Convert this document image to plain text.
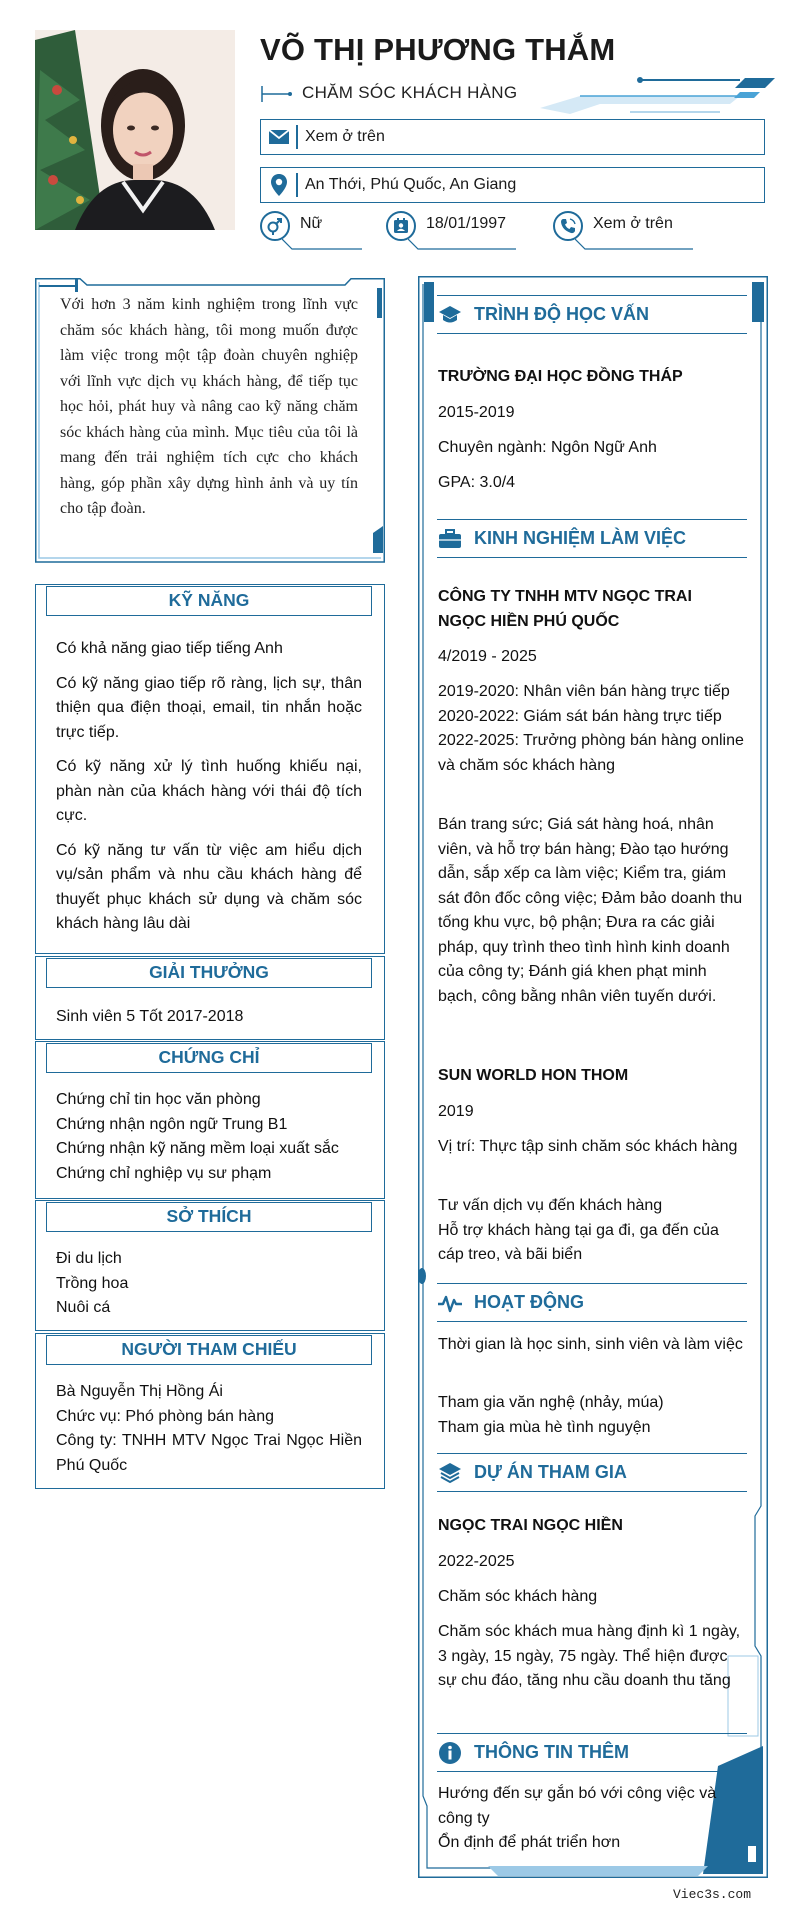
VÕ THỊ PHƯƠNG THẮM
CHĂM SÓC KHÁCH HÀNG
Xem ở trên
An Thới, Phú Quốc, An Giang
Nữ	18/01/1997	Xem ở trên
Với hơn 3 năm kinh nghiệm trong lĩnh vực chăm sóc khách hàng, tôi mong muốn được làm việc trong một tập đoàn chuyên nghiệp với lĩnh vực dịch vụ khách hàng, để tiếp tục học hỏi, phát huy và nâng cao kỹ năng chăm sóc khách hàng của mình. Mục tiêu của tôi là mang đến trải nghiệm tích cực cho khách hàng, góp phần xây dựng hình ảnh và uy tín cho tập đoàn.
KỸ NĂNG

Có khả năng giao tiếp tiếng Anh

Có kỹ năng giao tiếp rõ ràng, lịch sự, thân thiện qua điện thoại, email, tin nhắn hoặc trực tiếp.

Có kỹ năng xử lý tình huống khiếu nại, phàn nàn của khách hàng với thái độ tích cực.

Có kỹ năng tư vấn từ việc am hiểu dịch vụ/sản phẩm và nhu cầu khách hàng để thuyết phục khách sử dụng và chăm sóc khách hàng lâu dài

GIẢI THƯỞNG

Sinh viên 5 Tốt 2017-2018

CHỨNG CHỈ

Chứng chỉ tin học văn phòng

Chứng nhận ngôn ngữ Trung B1

Chứng nhận kỹ năng mềm loại xuất sắc

Chứng chỉ nghiệp vụ sư phạm

SỞ THÍCH

Đi du lịch

Trồng hoa

Nuôi cá

NGƯỜI THAM CHIẾU

Bà Nguyễn Thị Hồng Ái

Chức vụ: Phó phòng bán hàng

Công ty: TNHH MTV Ngọc Trai Ngọc Hiền Phú Quốc

TRÌNH ĐỘ HỌC VẤN
TRƯỜNG ĐẠI HỌC ĐỒNG THÁP
2015-2019
Chuyên ngành: Ngôn Ngữ Anh
GPA: 3.0/4
KINH NGHIỆM LÀM VIỆC
CÔNG TY TNHH MTV NGỌC TRAI NGỌC HIỀN PHÚ QUỐC
4/2019 - 2025
2019-2020: Nhân viên bán hàng trực tiếp
2020-2022: Giám sát bán hàng trực tiếp
2022-2025: Trưởng phòng bán hàng online và chăm sóc khách hàng
Bán trang sức; Giá sát hàng hoá, nhân viên, và hỗ trợ bán hàng; Đào tạo hướng dẫn, sắp xếp ca làm việc; Kiểm tra, giám sát đôn đốc công việc; Đảm bảo doanh thu tống khu vực, bộ phận; Đưa ra các giải pháp, quy trình theo tình hình kinh doanh của công ty; Đánh giá khen phạt minh bạch, công bằng nhân viên tuyến dưới.
SUN WORLD HON THOM
2019
Vị trí: Thực tập sinh chăm sóc khách hàng
Tư vấn dịch vụ đến khách hàng
Hỗ trợ khách hàng tại ga đi, ga đến của cáp treo, và bãi biển
HOẠT ĐỘNG
Thời gian là học sinh, sinh viên và làm việc
Tham gia văn nghệ (nhảy, múa)
Tham gia mùa hè tình nguyện
DỰ ÁN THAM GIA
NGỌC TRAI NGỌC HIỀN
2022-2025
Chăm sóc khách hàng
Chăm sóc khách mua hàng định kì 1 ngày, 3 ngày, 15 ngày, 75 ngày. Thể hiện được sự chu đáo, tăng nhu cầu doanh thu tăng
THÔNG TIN THÊM
Hướng đến sự gắn bó với công việc và công ty
Ổn định để phát triển hơn
Viec3s.com
